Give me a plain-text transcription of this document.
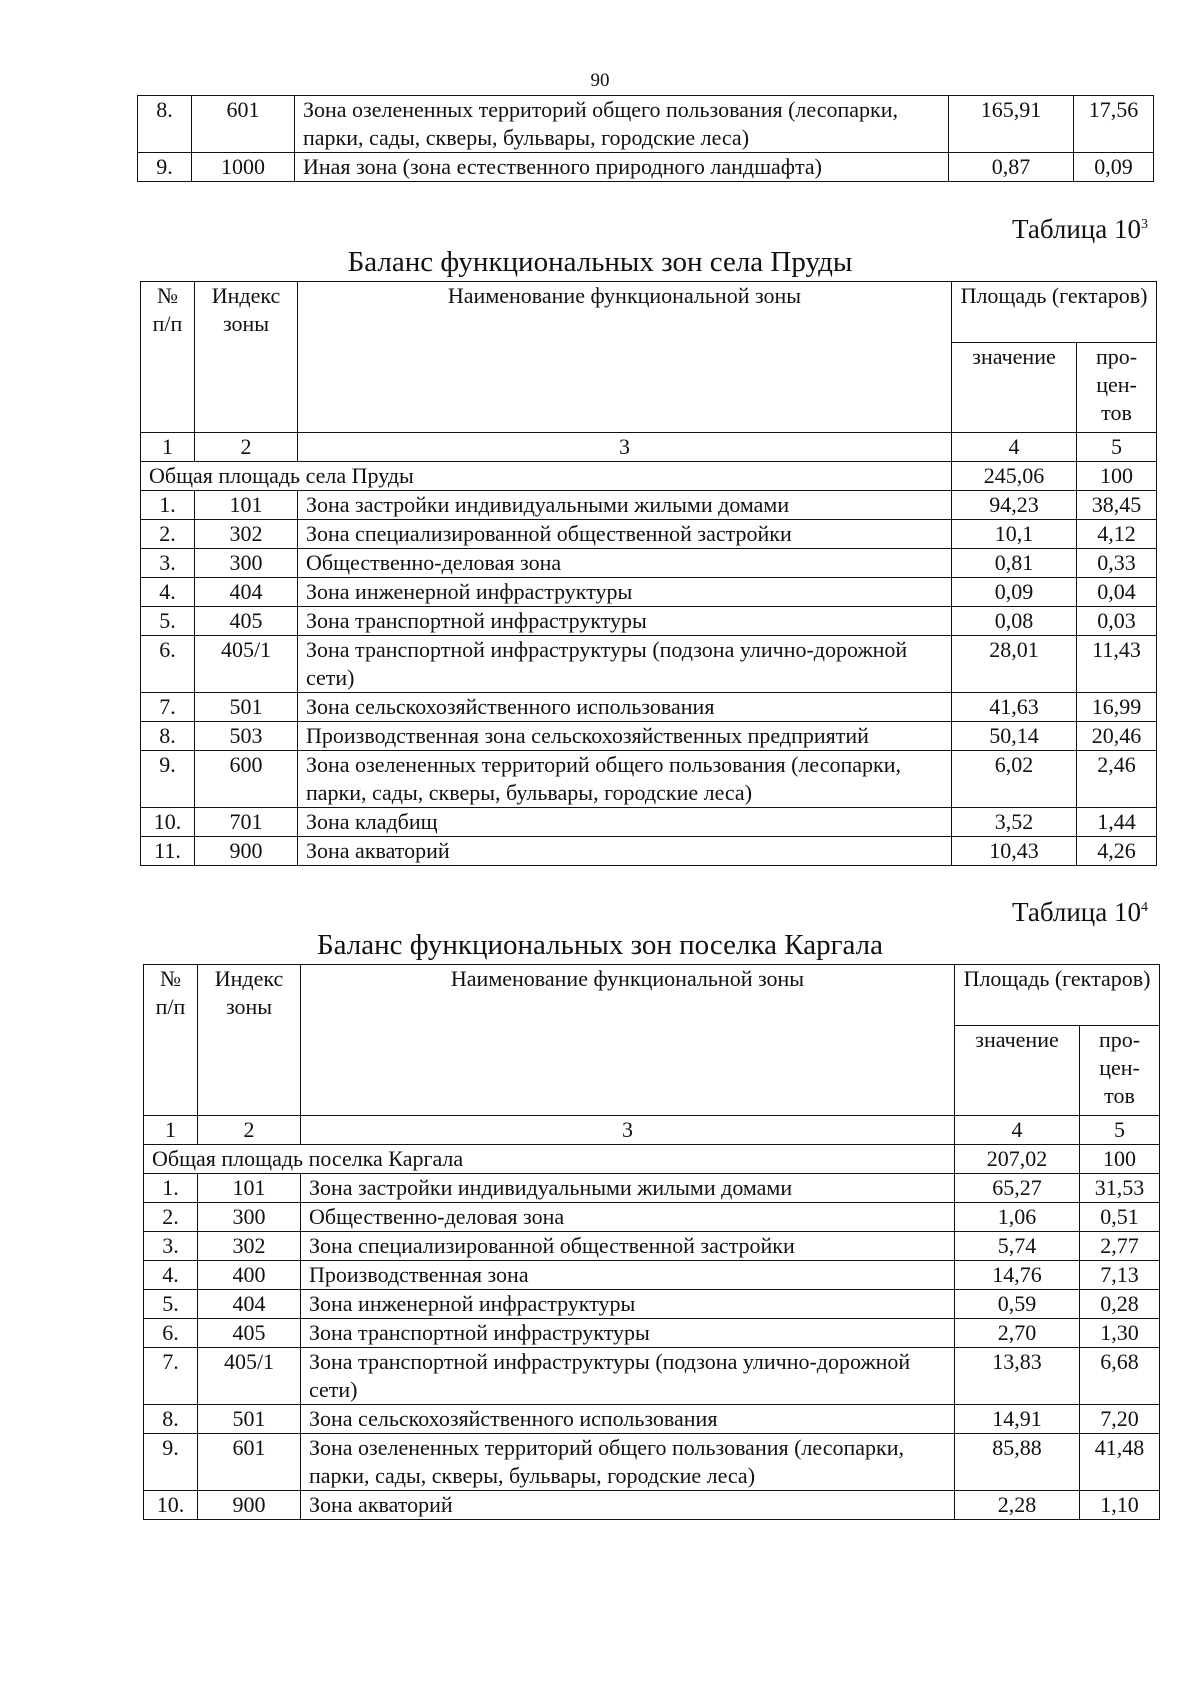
90
8.	601	Зона озелененных территорий общего пользования (лесопарки, парки, сады, скверы, бульвары, городские леса)	165,91	17,56
9.	1000	Иная зона (зона естественного природного ландшафта)	0,87	0,09
Таблица $10^3$
Баланс функциональных зон села Пруды
№ п/п	Индекс зоны	Наименование функциональной зоны	Площадь (гектаров)	
			значение	про- цен- тов
1	2	3	4	5
Общая площадь села Пруды			245,06	100
1.	101	Зона застройки индивидуальными жилыми домами	94,23	38,45
2.	302	Зона специализированной общественной застройки	10,1	4,12
3.	300	Общественно-деловая зона	0,81	0,33
4.	404	Зона инженерной инфраструктуры	0,09	0,04
5.	405	Зона транспортной инфраструктуры	0,08	0,03
6.	405/1	Зона транспортной инфраструктуры (подзона улично-дорожной сети)	28,01	11,43
7.	501	Зона сельскохозяйственного использования	41,63	16,99
8.	503	Производственная зона сельскохозяйственных предприятий	50,14	20,46
9.	600	Зона озелененных территорий общего пользования (лесопарки, парки, сады, скверы, бульвары, городские леса)	6,02	2,46
10.	701	Зона кладбищ	3,52	1,44
11.	900	Зона акваторий	10,43	4,26
Таблица $10^4$
Баланс функциональных зон поселка Каргала
№ п/п	Индекс зоны	Наименование функциональной зоны	Площадь (гектаров)	
			значение	про- цен- тов
1	2	3	4	5
Общая площадь поселка Каргала			207,02	100
1.	101	Зона застройки индивидуальными жилыми домами	65,27	31,53
2.	300	Общественно-деловая зона	1,06	0,51
3.	302	Зона специализированной общественной застройки	5,74	2,77
4.	400	Производственная зона	14,76	7,13
5.	404	Зона инженерной инфраструктуры	0,59	0,28
6.	405	Зона транспортной инфраструктуры	2,70	1,30
7.	405/1	Зона транспортной инфраструктуры (подзона улично-дорожной сети)	13,83	6,68
8.	501	Зона сельскохозяйственного использования	14,91	7,20
9.	601	Зона озелененных территорий общего пользования (лесопарки, парки, сады, скверы, бульвары, городские леса)	85,88	41,48
10.	900	Зона акваторий	2,28	1,10
